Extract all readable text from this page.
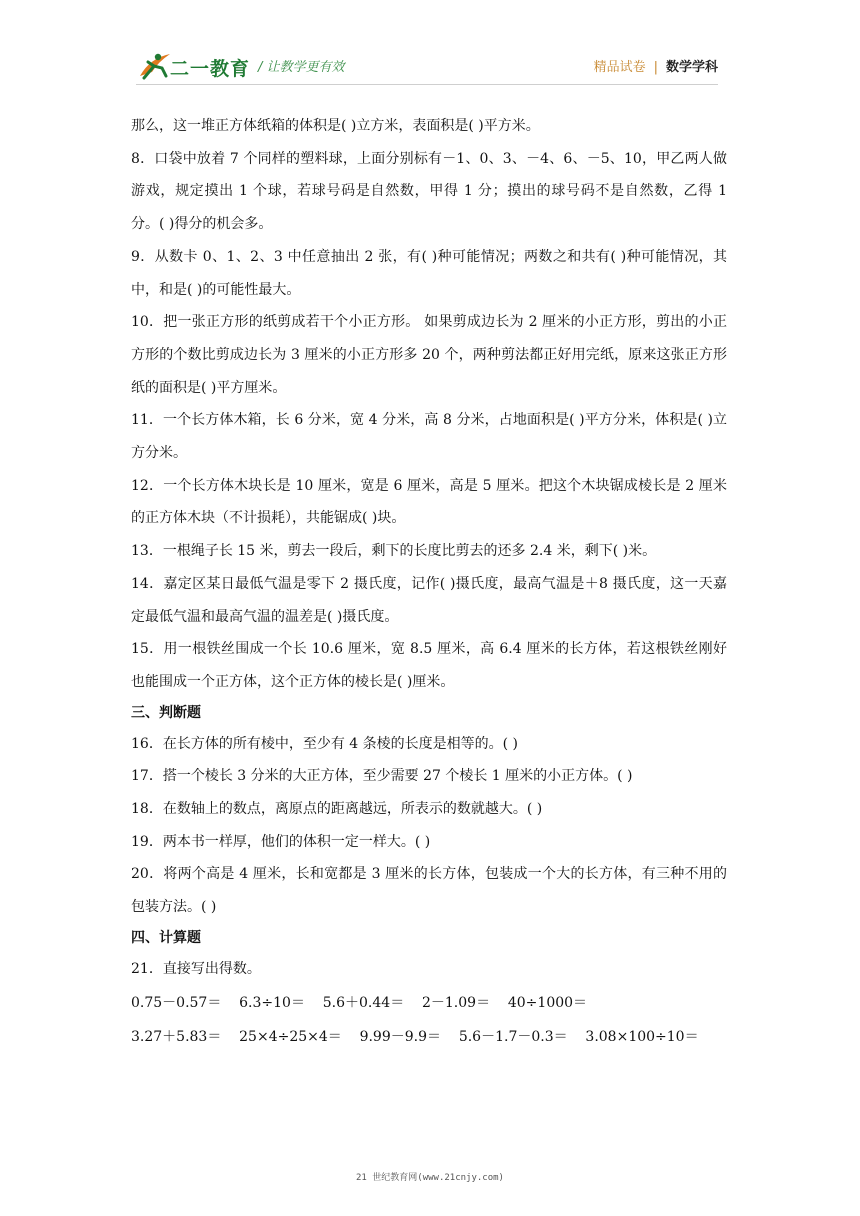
二一教育 / 让教学更有效	精品试卷 | 数学学科

那么，这一堆正方体纸箱的体积是( )立方米，表面积是( )平方米。

8．口袋中放着 7 个同样的塑料球，上面分别标有－1、0、3、－4、6、－5、10，甲乙两人做游戏，规定摸出 1 个球，若球号码是自然数，甲得 1 分；摸出的球号码不是自然数，乙得 1 分。( )得分的机会多。

9．从数卡 0、1、2、3 中任意抽出 2 张，有( )种可能情况；两数之和共有( )种可能情况，其中，和是( )的可能性最大。

10．把一张正方形的纸剪成若干个小正方形。 如果剪成边长为 2 厘米的小正方形，剪出的小正方形的个数比剪成边长为 3 厘米的小正方形多 20 个，两种剪法都正好用完纸，原来这张正方形纸的面积是( )平方厘米。

11．一个长方体木箱，长 6 分米，宽 4 分米，高 8 分米，占地面积是( )平方分米，体积是( )立方分米。

12．一个长方体木块长是 10 厘米，宽是 6 厘米，高是 5 厘米。把这个木块锯成棱长是 2 厘米的正方体木块（不计损耗），共能锯成( )块。

13．一根绳子长 15 米，剪去一段后，剩下的长度比剪去的还多 2.4 米，剩下( )米。

14．嘉定区某日最低气温是零下 2 摄氏度，记作( )摄氏度，最高气温是＋8 摄氏度，这一天嘉定最低气温和最高气温的温差是( )摄氏度。

15．用一根铁丝围成一个长 10.6 厘米，宽 8.5 厘米，高 6.4 厘米的长方体，若这根铁丝刚好也能围成一个正方体，这个正方体的棱长是( )厘米。

三、判断题

16．在长方体的所有棱中，至少有 4 条棱的长度是相等的。( )

17．搭一个棱长 3 分米的大正方体，至少需要 27 个棱长 1 厘米的小正方体。( )

18．在数轴上的数点，离原点的距离越远，所表示的数就越大。( )

19．两本书一样厚，他们的体积一定一样大。( )

20．将两个高是 4 厘米，长和宽都是 3 厘米的长方体，包装成一个大的长方体，有三种不用的包装方法。( )

四、计算题

21．直接写出得数。

0.75－0.57＝    6.3÷10＝    5.6＋0.44＝    2－1.09＝    40÷1000＝

3.27＋5.83＝    25×4÷25×4＝    9.99－9.9＝    5.6－1.7－0.3＝    3.08×100÷10＝

21 世纪教育网(www.21cnjy.com)
